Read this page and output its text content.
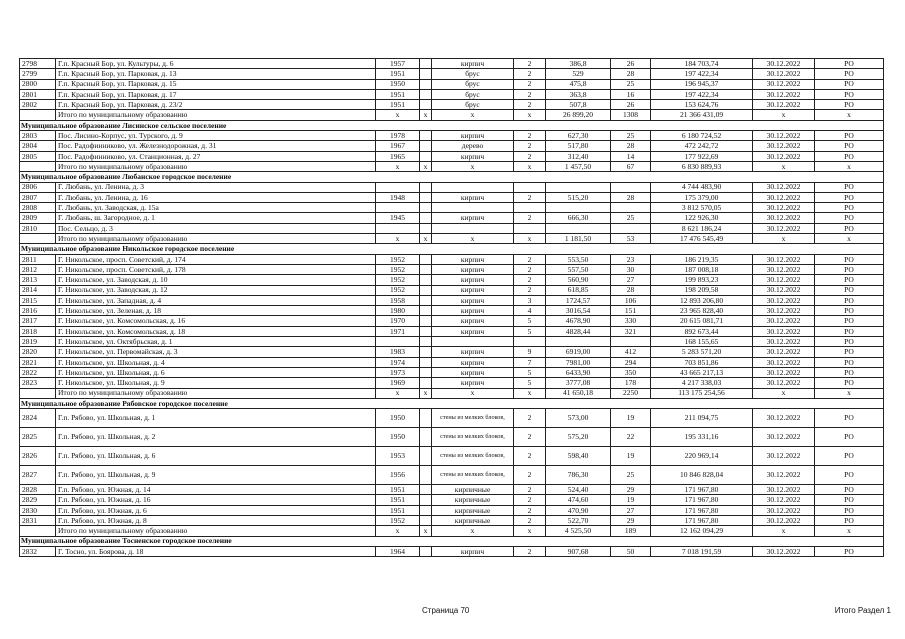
2798	Г.п. Красный Бор, ул. Культуры, д. 6	1957		кирпич	2	386,8	26	184 703,74	30.12.2022	РО
2799	Г.п. Красный Бор, ул. Парковая, д. 13	1951		брус	2	529	28	197 422,34	30.12.2022	РО
2800	Г.п. Красный Бор, ул. Парковая, д. 15	1950		брус	2	475,8	25	196 945,37	30.12.2022	РО
2801	Г.п. Красный Бор, ул. Парковая, д. 17	1951		брус	2	363,8	16	197 422,34	30.12.2022	РО
2802	Г.п. Красный Бор, ул. Парковая, д. 23/2	1951		брус	2	507,8	26	153 624,76	30.12.2022	РО
	Итого по муниципальному образованию	х	х	х	х	26 899,20	1308	21 366 431,09	х	х
Муниципальное образование Лисинское сельское поселение										
2803	Пос. Лисино-Корпус, ул. Турского, д. 9	1978		кирпич	2	627,30	25	6 180 724,52	30.12.2022	РО
2804	Пос. Радофинниково, ул. Железнодорожная, д. 31	1967		дерево	2	517,80	28	472 242,72	30.12.2022	РО
2805	Пос. Радофинниково, ул. Станционная, д. 27	1965		кирпич	2	312,40	14	177 922,69	30.12.2022	РО
	Итого по муниципальному образованию	х	х	х	х	1 457,50	67	6 830 889,93	х	х
Муниципальное образование Любанское городское поселение										
2806	Г. Любань, ул. Ленина, д. 3							4 744 483,90	30.12.2022	РО
2807	Г. Любань, ул. Ленина, д. 16	1948		кирпич	2	515,20	28	175 379,00	30.12.2022	РО
2808	Г. Любань, ул. Заводская, д. 15а							3 812 570,05	30.12.2022	РО
2809	Г. Любань, ш. Загородное, д. 1	1945		кирпич	2	666,30	25	122 926,30	30.12.2022	РО
2810	Пос. Сельцо, д. 3							8 621 186,24	30.12.2022	РО
	Итого по муниципальному образованию	х	х	х	х	1 181,50	53	17 476 545,49	х	х
Муниципальное образование Никольское городское поселение										
2811	Г. Никольское, просп. Советский, д. 174	1952		кирпич	2	553,50	23	186 219,35	30.12.2022	РО
2812	Г. Никольское, просп. Советский, д. 178	1952		кирпич	2	557,50	30	187 008,18	30.12.2022	РО
2813	Г. Никольское, ул. Заводская, д. 10	1952		кирпич	2	560,90	27	199 893,23	30.12.2022	РО
2814	Г. Никольское, ул. Заводская, д. 12	1952		кирпич	2	618,85	28	198 209,58	30.12.2022	РО
2815	Г. Никольское, ул. Западная, д. 4	1958		кирпич	3	1724,57	106	12 893 206,80	30.12.2022	РО
2816	Г. Никольское, ул. Зеленая, д. 18	1980		кирпич	4	3016,54	151	23 965 828,40	30.12.2022	РО
2817	Г. Никольское, ул. Комсомольская, д. 16	1970		кирпич	5	4678,90	330	20 615 081,71	30.12.2022	РО
2818	Г. Никольское, ул. Комсомольская, д. 18	1971		кирпич	5	4828,44	321	892 673,44	30.12.2022	РО
2819	Г. Никольское, ул. Октябрьская, д. 1							168 155,65	30.12.2022	РО
2820	Г. Никольское, ул. Первомайская, д. 3	1983		кирпич	9	6919,00	412	5 283 571,20	30.12.2022	РО
2821	Г. Никольское, ул. Школьная, д. 4	1974		кирпич	7	7981,00	294	703 851,86	30.12.2022	РО
2822	Г. Никольское, ул. Школьная, д. 6	1973		кирпич	5	6433,90	350	43 665 217,13	30.12.2022	РО
2823	Г. Никольское, ул. Школьная, д. 9	1969		кирпич	5	3777,08	178	4 217 338,03	30.12.2022	РО
	Итого по муниципальному образованию	х	х	х	х	41 650,18	2250	113 175 254,56	х	х
Муниципальное образование Рябовское городское поселение										
2824	Г.п. Рябово, ул. Школьная, д. 1	1950		стены из мелких блоков,	2	573,00	19	211 094,75	30.12.2022	РО
2825	Г.п. Рябово, ул. Школьная, д. 2	1950		стены из мелких блоков,	2	575,20	22	195 331,16	30.12.2022	РО
2826	Г.п. Рябово, ул. Школьная, д. 6	1953		стены из мелких блоков,	2	598,40	19	220 969,14	30.12.2022	РО
2827	Г.п. Рябово, ул. Школьная, д. 9	1956		стены из мелких блоков,	2	786,30	25	10 846 828,04	30.12.2022	РО
2828	Г.п. Рябово, ул. Южная, д. 14	1951		кирпичные	2	524,40	29	171 967,80	30.12.2022	РО
2829	Г.п. Рябово, ул. Южная, д. 16	1951		кирпичные	2	474,60	19	171 967,80	30.12.2022	РО
2830	Г.п. Рябово, ул. Южная, д. 6	1951		кирпичные	2	470,90	27	171 967,80	30.12.2022	РО
2831	Г.п. Рябово, ул. Южная, д. 8	1952		кирпичные	2	522,70	29	171 967,80	30.12.2022	РО
	Итого по муниципальному образованию	х	х	х	х	4 525,50	189	12 162 094,29	х	х
Муниципальное образование Тосненское городское поселение										
2832	Г. Тосно, ул. Боярова, д. 18	1964		кирпич	2	907,68	50	7 018 191,59	30.12.2022	РО
Страница 70	Итого Раздел 1
